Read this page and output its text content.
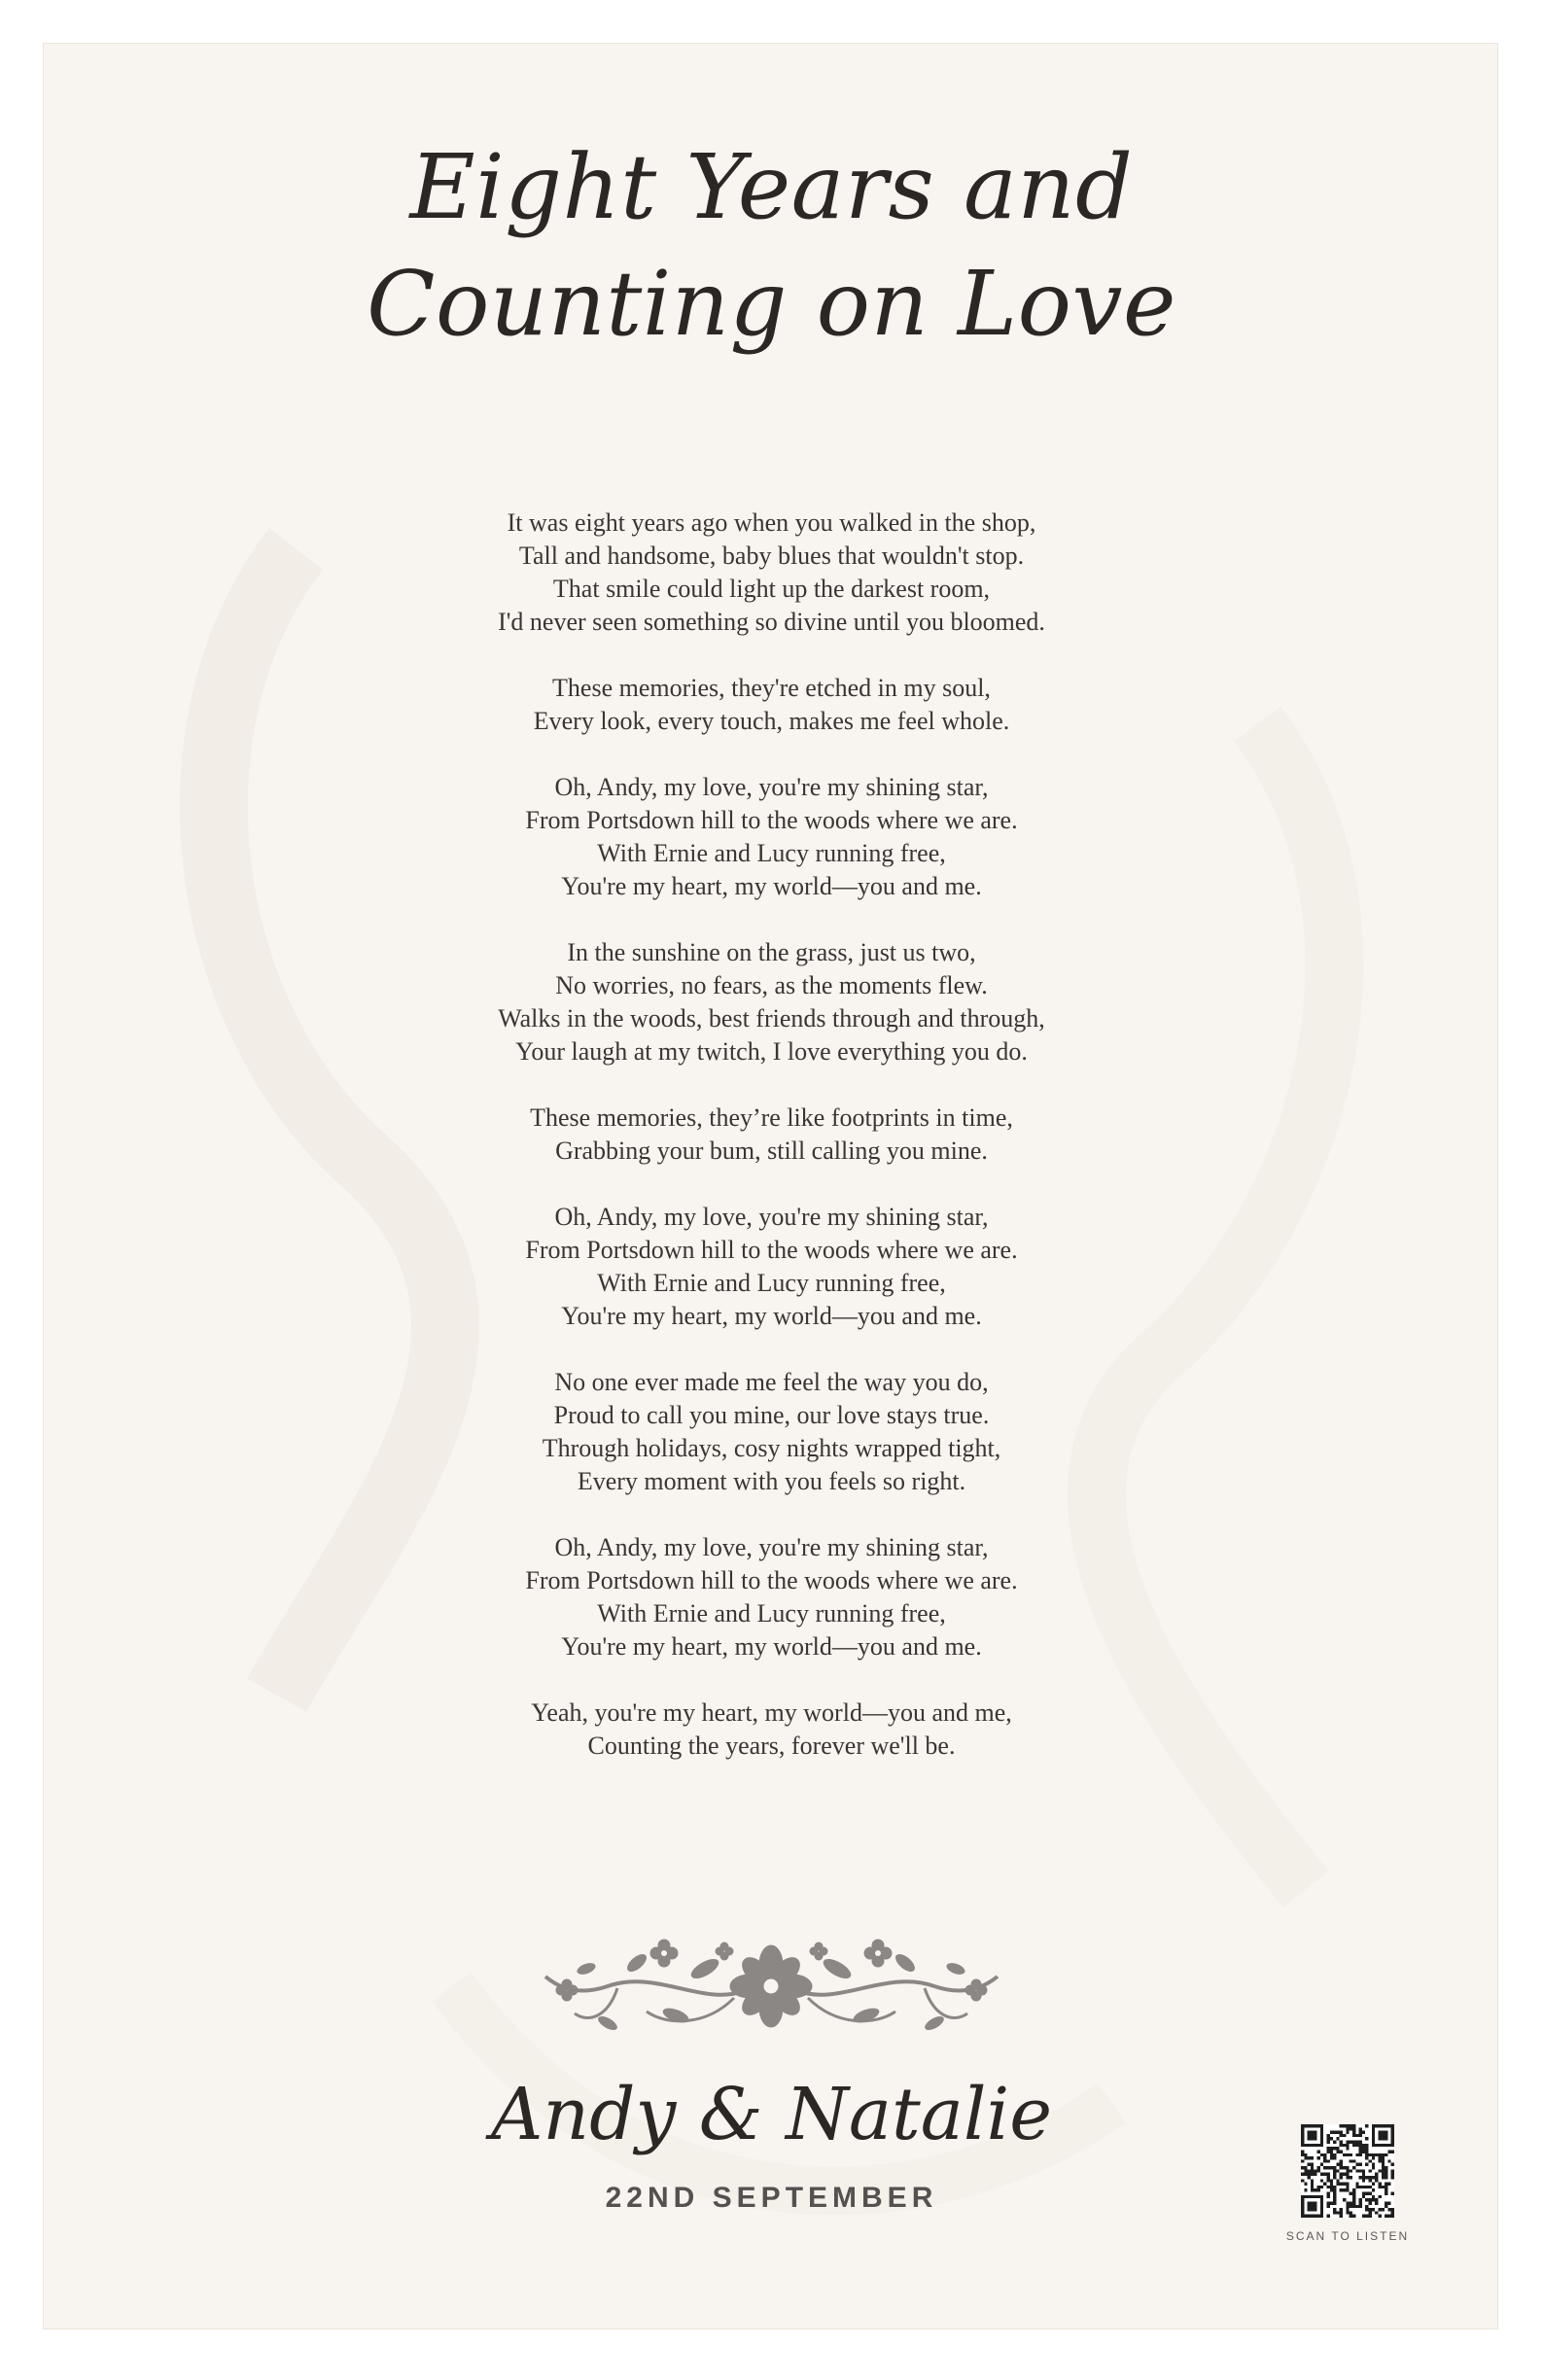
Eight Years and Counting on Love

It was eight years ago when you walked in the shop,
Tall and handsome, baby blues that wouldn't stop.
That smile could light up the darkest room,
I'd never seen something so divine until you bloomed.

These memories, they're etched in my soul,
Every look, every touch, makes me feel whole.

Oh, Andy, my love, you're my shining star,
From Portsdown hill to the woods where we are.
With Ernie and Lucy running free,
You're my heart, my world—you and me.

In the sunshine on the grass, just us two,
No worries, no fears, as the moments flew.
Walks in the woods, best friends through and through,
Your laugh at my twitch, I love everything you do.

These memories, they’re like footprints in time,
Grabbing your bum, still calling you mine.

Oh, Andy, my love, you're my shining star,
From Portsdown hill to the woods where we are.
With Ernie and Lucy running free,
You're my heart, my world—you and me.

No one ever made me feel the way you do,
Proud to call you mine, our love stays true.
Through holidays, cosy nights wrapped tight,
Every moment with you feels so right.

Oh, Andy, my love, you're my shining star,
From Portsdown hill to the woods where we are.
With Ernie and Lucy running free,
You're my heart, my world—you and me.

Yeah, you're my heart, my world—you and me,
Counting the years, forever we'll be.

Andy & Natalie
22ND SEPTEMBER
SCAN TO LISTEN
